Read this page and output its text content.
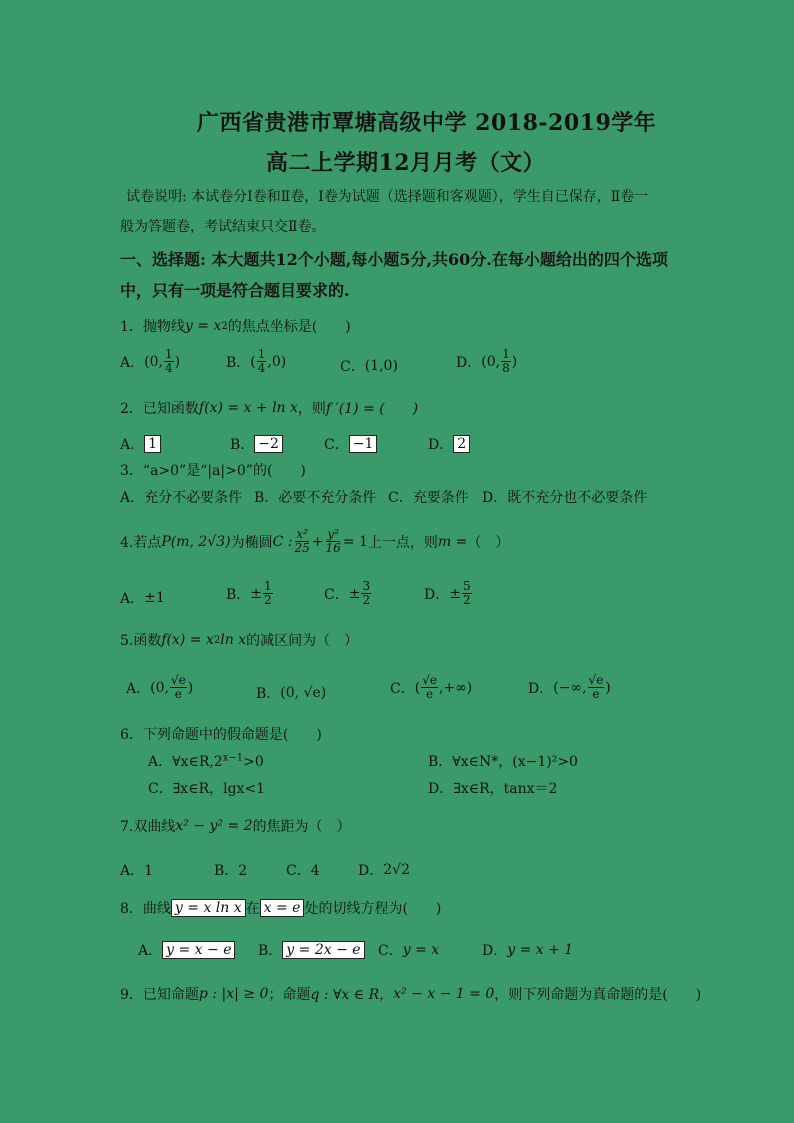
广西省贵港市覃塘高级中学 2018-2019学年
高二上学期12月月考（文）
试卷说明: 本试卷分Ⅰ卷和Ⅱ卷，Ⅰ卷为试题（选择题和客观题），学生自已保存，Ⅱ卷一
般为答题卷，考试结束只交Ⅱ卷。
一、选择题: 本大题共12个小题,每小题5分,共60分.在每小题给出的四个选项
中，只有一项是符合题目要求的.
1．抛物线 y = x 2 的焦点坐标是(　　)
A． (0, $\frac{1}{4}$ )	B． ( $\frac{1}{4} ,0$)	C． (1,0)	D． (0, $\frac{1}{8}$ )
2．已知函数 f(x) = x + ln x ，则 f ′(1) = (　　)
A． 1	B． −2	C． −1	D． 2
3．“a>0”是“|a|>0”的(　　)
A．充分不必要条件 B．必要不充分条件 C．充要条件 D．既不充分也不必要条件
4.若点 P(m, 2√3) 为椭圆 C : $\frac{\text{x²}}{25} + \frac{\text{y²}}{16} = 1$ 上一点，则 m = （　）
A． ±1	B． ± $\frac{1}{2}$	C． ± $\frac{3}{2}$	D． ± $\frac{5}{2}$
5.函数 f(x) = x 2 ln x 的减区间为（　）
A． (0, $\frac{√e}{e}$ )	B． (0, √e)	C． ( $\frac{√e}{e}$ ,+∞)	D． (−∞, $\frac{√e}{e}$ )
6．下列命题中的假命题是(　　)
A．$\forall x\in R,2^{x-1}>0$	B．∀x∈N*，(x−1)²>0
C．∃x∈R，lgx<1	D．∃x∈R，tanx＝2
7.双曲线 x² − y² = 2 的焦距为（　）
A．1	B．2	C．4	D． 2√2
8．曲线 y = x ln x 在 x = e 处的切线方程为(　　)
A． y = x − e B． y = 2x − e C． y = x	D． y = x + 1
9．已知命题 p : |x| ≥ 0 ；命题 q : ∀x ∈ R， x² − x − 1 = 0 ，则下列命题为真命题的是(　　)
